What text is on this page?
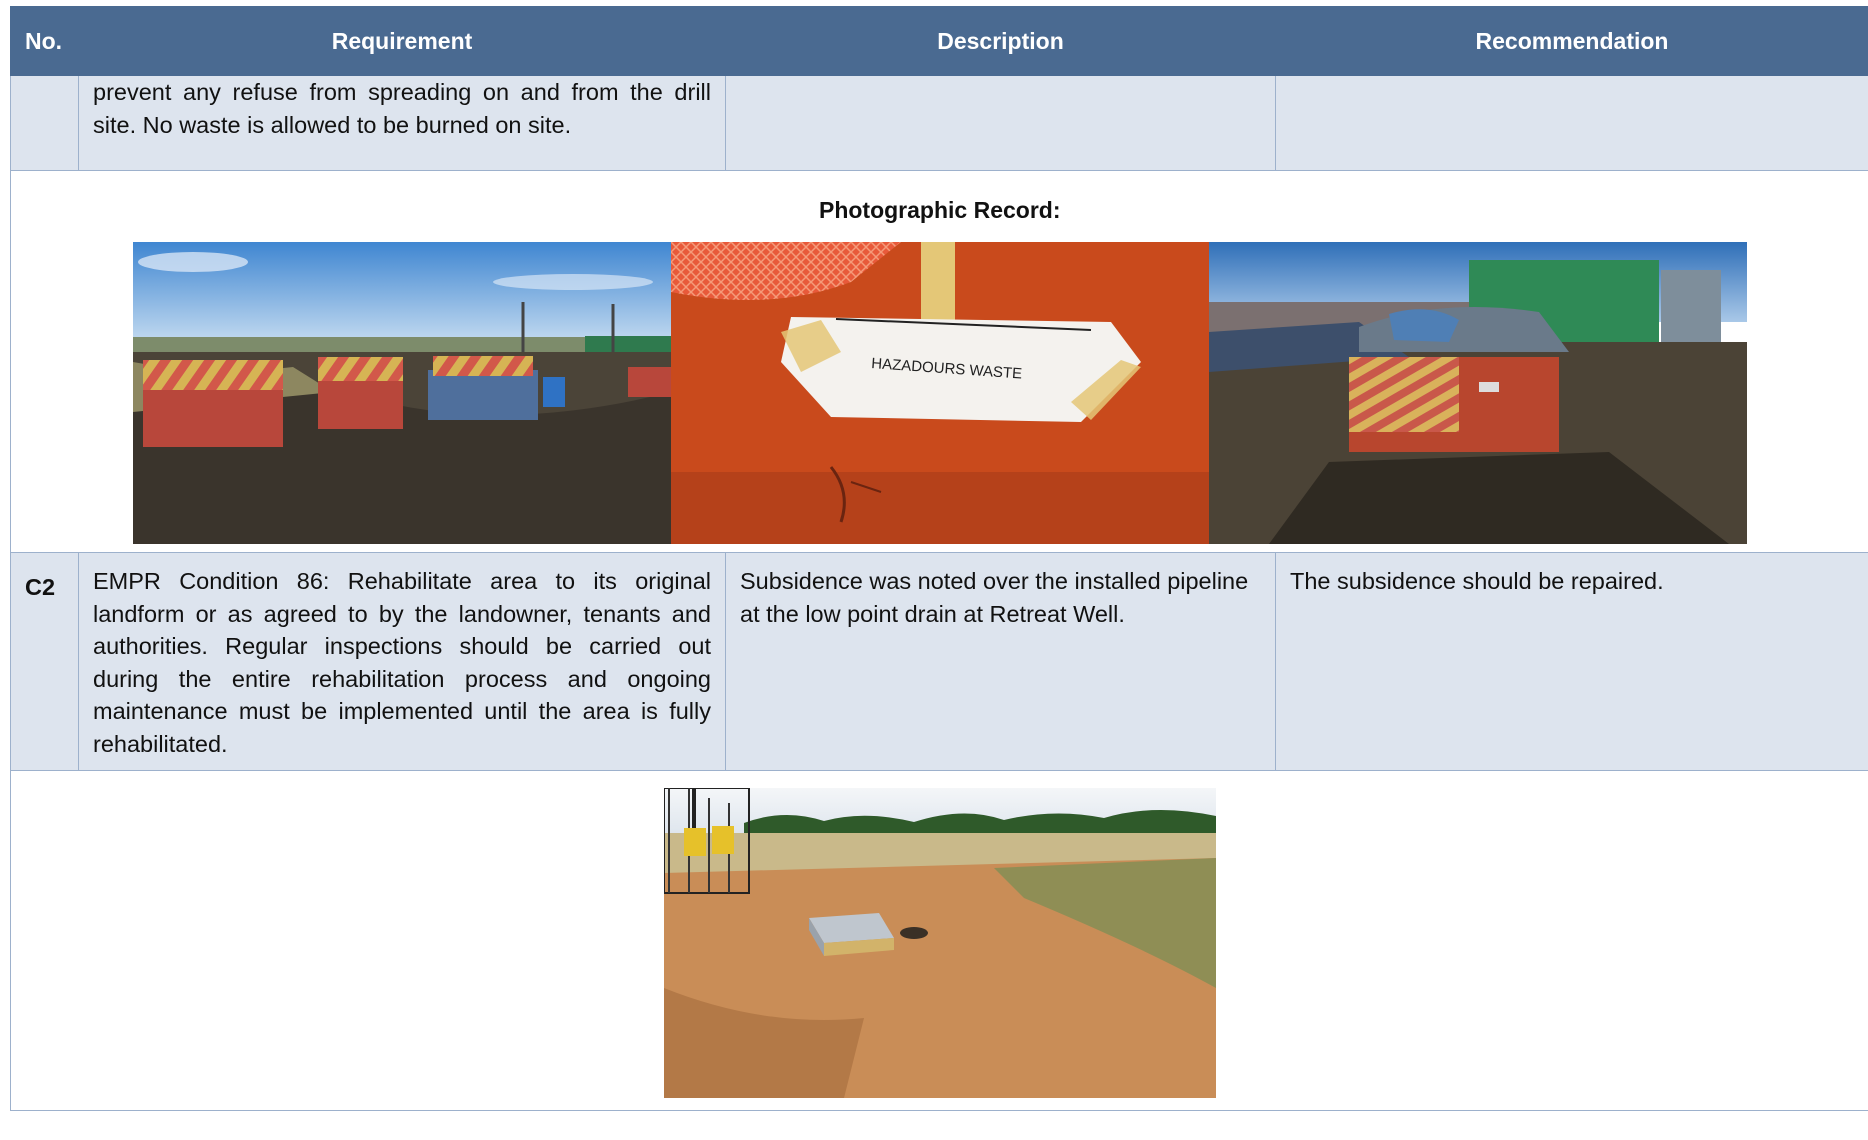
No.	Requirement	Description	Recommendation
	prevent any refuse from spreading on and from the drill site. No waste is allowed to be burned on site.		

Photographic Record:
HAZADOURS WASTE			

C2	EMPR Condition 86: Rehabilitate area to its original landform or as agreed to by the landowner, tenants and authorities. Regular inspections should be carried out during the entire rehabilitation process and ongoing maintenance must be implemented until the area is fully rehabilitated.	Subsidence was noted over the installed pipeline at the low point drain at Retreat Well.	The subsidence should be repaired.
